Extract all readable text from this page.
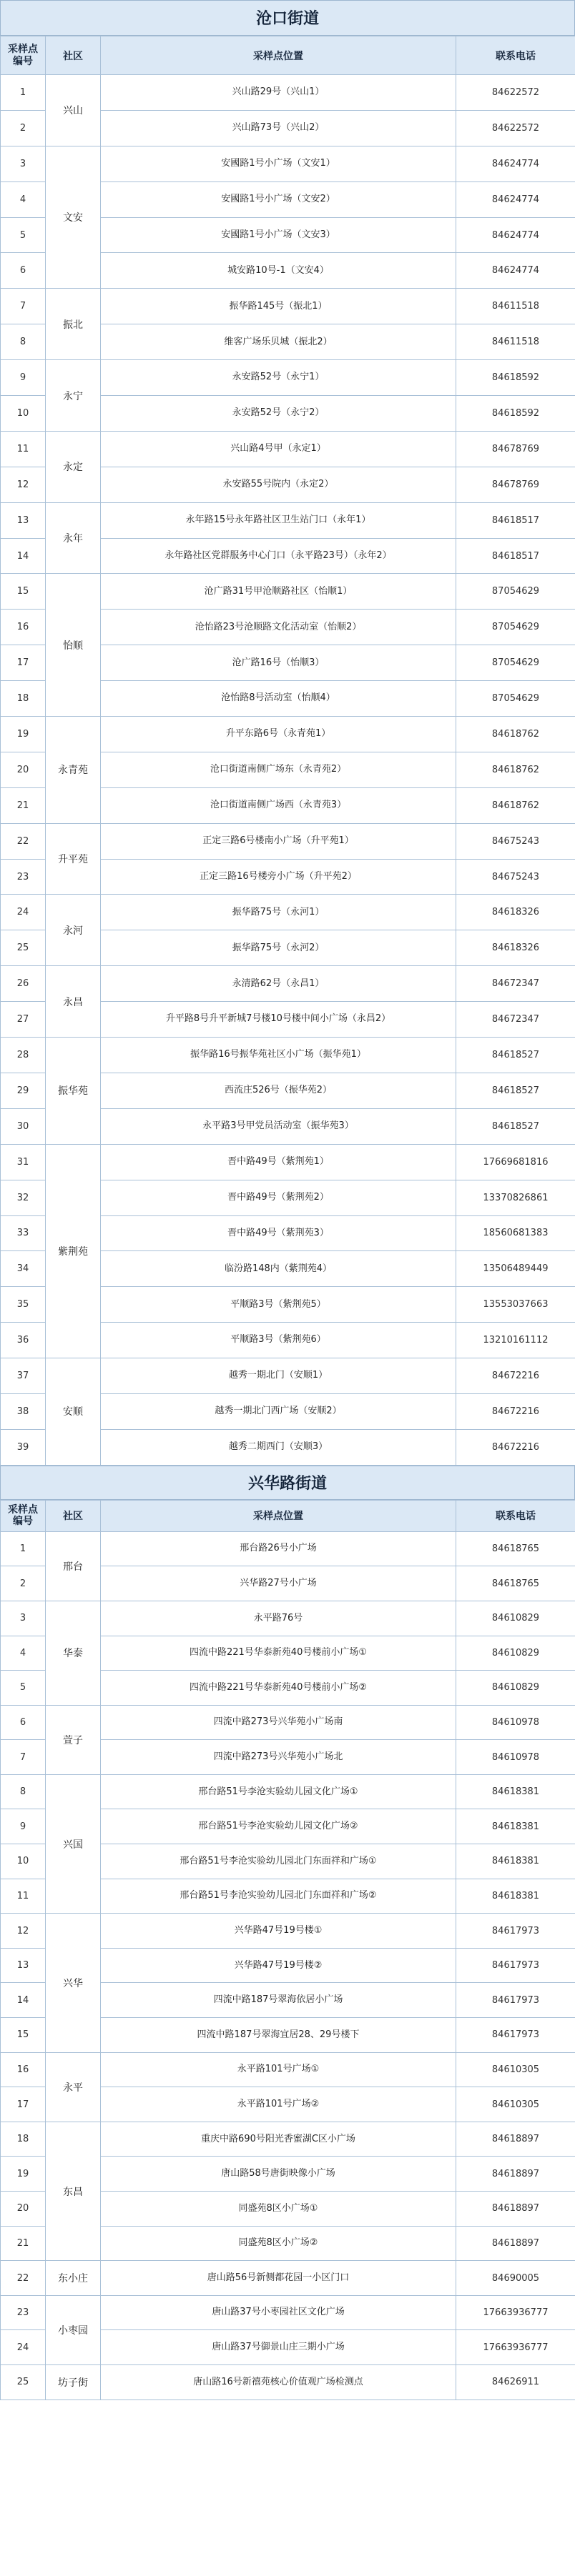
沧口街道
采样点编号	社区	采样点位置	联系电话
1	兴山	兴山路29号（兴山1）	84622572
2		兴山路73号（兴山2）	84622572
3	文安	安國路1号小广场（文安1）	84624774
4		安國路1号小广场（文安2）	84624774
5		安國路1号小广场（文安3）	84624774
6		城安路10号-1（文安4）	84624774
7	振北	振华路145号（振北1）	84611518
8		维客广场乐贝城（振北2）	84611518
9	永宁	永安路52号（永宁1）	84618592
10		永安路52号（永宁2）	84618592
11	永定	兴山路4号甲（永定1）	84678769
12		永安路55号院内（永定2）	84678769
13	永年	永年路15号永年路社区卫生站门口（永年1）	84618517
14		永年路社区党群服务中心门口（永平路23号）（永年2）	84618517
15	怡顺	沧广路31号甲沧顺路社区（怡顺1）	87054629
16		沧怡路23号沧顺路文化活动室（怡顺2）	87054629
17		沧广路16号（怡顺3）	87054629
18		沧怡路8号活动室（怡顺4）	87054629
19	永青苑	升平东路6号（永青苑1）	84618762
20		沧口街道南侧广场东（永青苑2）	84618762
21		沧口街道南侧广场西（永青苑3）	84618762
22	升平苑	正定三路6号楼南小广场（升平苑1）	84675243
23		正定三路16号楼旁小广场（升平苑2）	84675243
24	永河	振华路75号（永河1）	84618326
25		振华路75号（永河2）	84618326
26	永昌	永清路62号（永昌1）	84672347
27		升平路8号升平新城7号楼10号楼中间小广场（永昌2）	84672347
28	振华苑	振华路16号振华苑社区小广场（振华苑1）	84618527
29		西流庄526号（振华苑2）	84618527
30		永平路3号甲党员活动室（振华苑3）	84618527
31	紫荆苑	晋中路49号（紫荆苑1）	17669681816
32		晋中路49号（紫荆苑2）	13370826861
33		晋中路49号（紫荆苑3）	18560681383
34		临汾路148内（紫荆苑4）	13506489449
35		平顺路3号（紫荆苑5）	13553037663
36		平顺路3号（紫荆苑6）	13210161112
37	安顺	越秀一期北门（安顺1）	84672216
38		越秀一期北门西广场（安顺2）	84672216
39		越秀二期西门（安顺3）	84672216
兴华路街道
采样点编号	社区	采样点位置	联系电话
1	邢台	邢台路26号小广场	84618765
2		兴华路27号小广场	84618765
3	华泰	永平路76号	84610829
4		四流中路221号华泰新苑40号楼前小广场①	84610829
5		四流中路221号华泰新苑40号楼前小广场②	84610829
6	萱子	四流中路273号兴华苑小广场南	84610978
7		四流中路273号兴华苑小广场北	84610978
8	兴国	邢台路51号李沧实验幼儿园文化广场①	84618381
9		邢台路51号李沧实验幼儿园文化广场②	84618381
10		邢台路51号李沧实验幼儿园北门东面祥和广场①	84618381
11		邢台路51号李沧实验幼儿园北门东面祥和广场②	84618381
12	兴华	兴华路47号19号楼①	84617973
13		兴华路47号19号楼②	84617973
14		四流中路187号翠海依居小广场	84617973
15		四流中路187号翠海宜居28、29号楼下	84617973
16	永平	永平路101号广场①	84610305
17		永平路101号广场②	84610305
18	东昌	重庆中路690号阳光香蜜湖C区小广场	84618897
19		唐山路58号唐街映像小广场	84618897
20		同盛苑8区小广场①	84618897
21		同盛苑8区小广场②	84618897
22	东小庄	唐山路56号新侧都花园一小区门口	84690005
23	小枣园	唐山路37号小枣园社区文化广场	17663936777
24		唐山路37号御景山庄三期小广场	17663936777
25	坊子街	唐山路16号新禧苑核心价值观广场检测点	84626911
